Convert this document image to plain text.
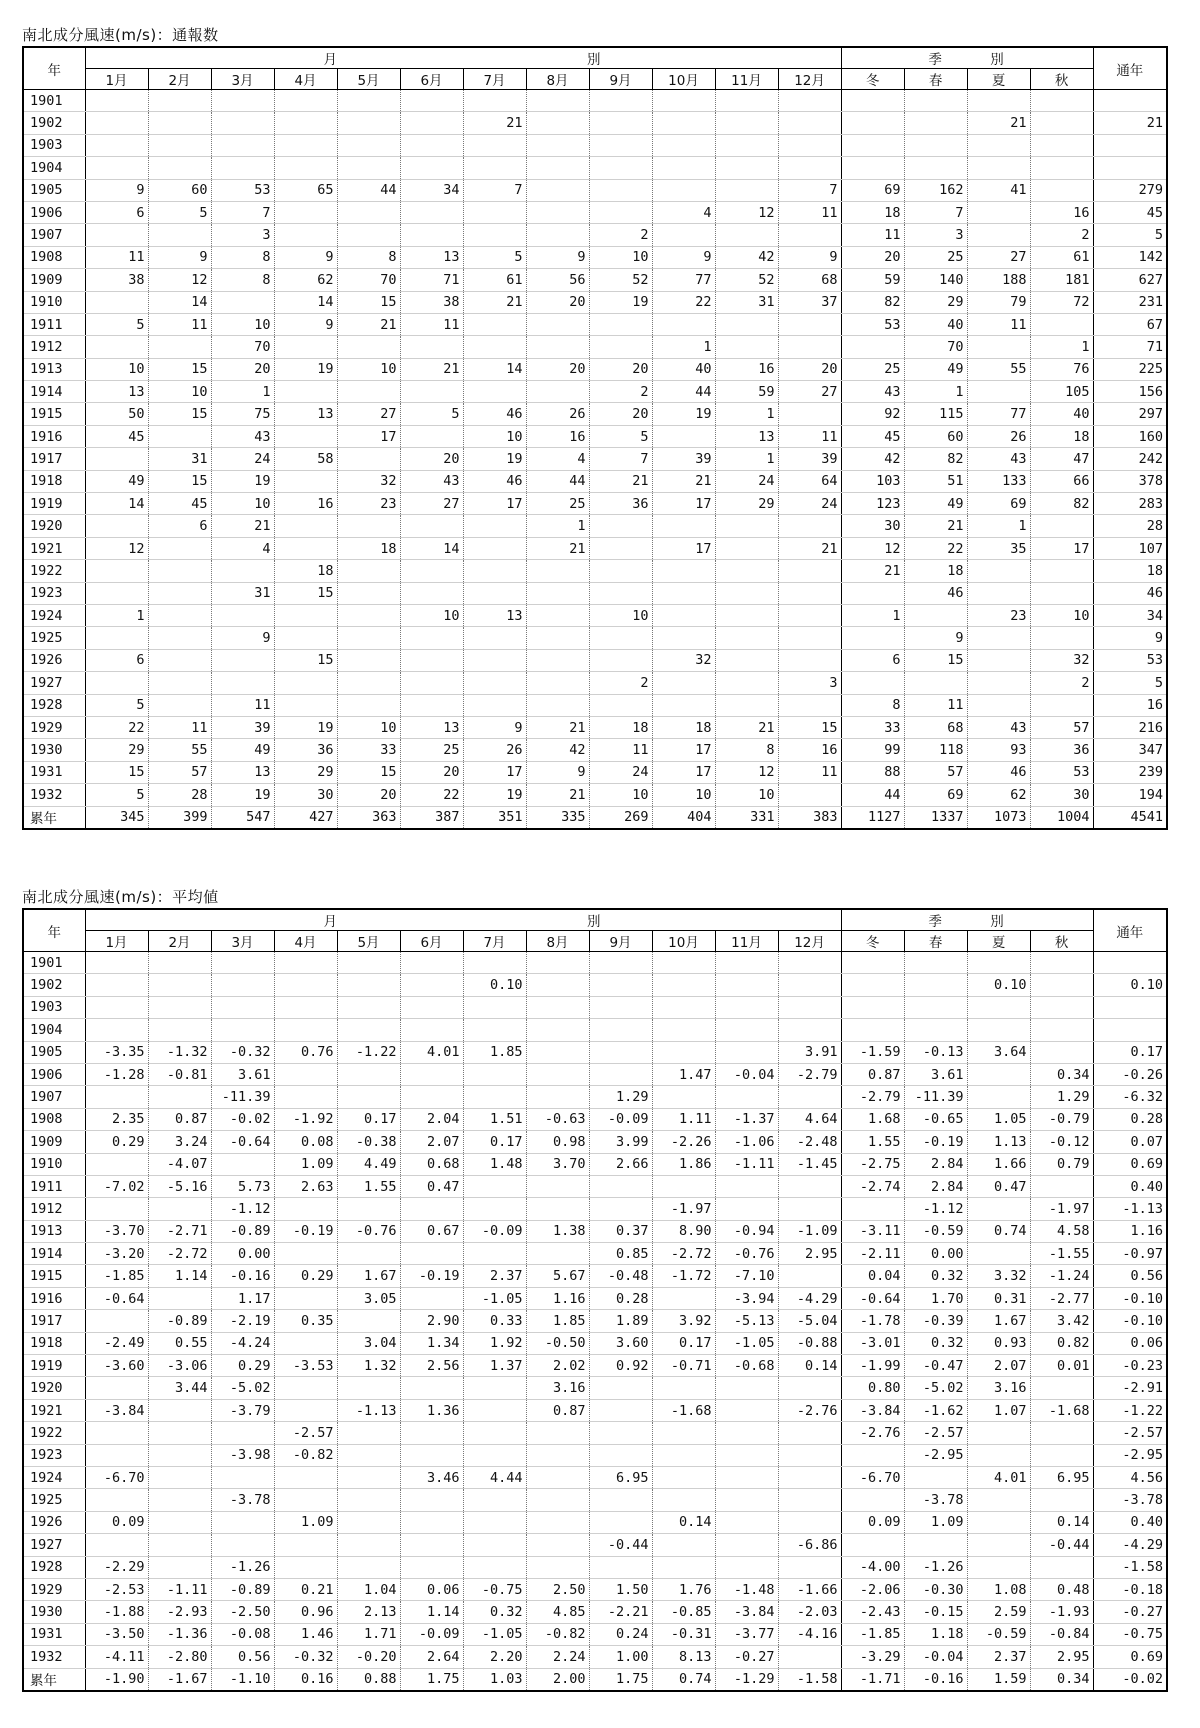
南北成分風速(m/s)：通報数
年	月　　　　　　　　　　　　　　　　別												季　　　別				通年
	1月	2月	3月	4月	5月	6月	7月	8月	9月	10月	11月	12月	冬	春	夏	秋	
1901																	
1902							21								21		21
1903																	
1904																	
1905	9	60	53	65	44	34	7					7	69	162	41		279
1906	6	5	7							4	12	11	18	7		16	45
1907			3						2				11	3		2	5
1908	11	9	8	9	8	13	5	9	10	9	42	9	20	25	27	61	142
1909	38	12	8	62	70	71	61	56	52	77	52	68	59	140	188	181	627
1910		14		14	15	38	21	20	19	22	31	37	82	29	79	72	231
1911	5	11	10	9	21	11							53	40	11		67
1912			70							1				70		1	71
1913	10	15	20	19	10	21	14	20	20	40	16	20	25	49	55	76	225
1914	13	10	1						2	44	59	27	43	1		105	156
1915	50	15	75	13	27	5	46	26	20	19	1		92	115	77	40	297
1916	45		43		17		10	16	5		13	11	45	60	26	18	160
1917		31	24	58		20	19	4	7	39	1	39	42	82	43	47	242
1918	49	15	19		32	43	46	44	21	21	24	64	103	51	133	66	378
1919	14	45	10	16	23	27	17	25	36	17	29	24	123	49	69	82	283
1920		6	21					1					30	21	1		28
1921	12		4		18	14		21		17		21	12	22	35	17	107
1922				18									21	18			18
1923			31	15										46			46
1924	1					10	13		10				1		23	10	34
1925			9											9			9
1926	6			15						32			6	15		32	53
1927									2			3				2	5
1928	5		11										8	11			16
1929	22	11	39	19	10	13	9	21	18	18	21	15	33	68	43	57	216
1930	29	55	49	36	33	25	26	42	11	17	8	16	99	118	93	36	347
1931	15	57	13	29	15	20	17	9	24	17	12	11	88	57	46	53	239
1932	5	28	19	30	20	22	19	21	10	10	10		44	69	62	30	194
累年	345	399	547	427	363	387	351	335	269	404	331	383	1127	1337	1073	1004	4541
南北成分風速(m/s)：平均値
年	月　　　　　　　　　　　　　　　　別												季　　　別				通年
	1月	2月	3月	4月	5月	6月	7月	8月	9月	10月	11月	12月	冬	春	夏	秋	
1901																	
1902							0.10								0.10		0.10
1903																	
1904																	
1905	-3.35	-1.32	-0.32	0.76	-1.22	4.01	1.85					3.91	-1.59	-0.13	3.64		0.17
1906	-1.28	-0.81	3.61							1.47	-0.04	-2.79	0.87	3.61		0.34	-0.26
1907			-11.39						1.29				-2.79	-11.39		1.29	-6.32
1908	2.35	0.87	-0.02	-1.92	0.17	2.04	1.51	-0.63	-0.09	1.11	-1.37	4.64	1.68	-0.65	1.05	-0.79	0.28
1909	0.29	3.24	-0.64	0.08	-0.38	2.07	0.17	0.98	3.99	-2.26	-1.06	-2.48	1.55	-0.19	1.13	-0.12	0.07
1910		-4.07		1.09	4.49	0.68	1.48	3.70	2.66	1.86	-1.11	-1.45	-2.75	2.84	1.66	0.79	0.69
1911	-7.02	-5.16	5.73	2.63	1.55	0.47							-2.74	2.84	0.47		0.40
1912			-1.12							-1.97				-1.12		-1.97	-1.13
1913	-3.70	-2.71	-0.89	-0.19	-0.76	0.67	-0.09	1.38	0.37	8.90	-0.94	-1.09	-3.11	-0.59	0.74	4.58	1.16
1914	-3.20	-2.72	0.00						0.85	-2.72	-0.76	2.95	-2.11	0.00		-1.55	-0.97
1915	-1.85	1.14	-0.16	0.29	1.67	-0.19	2.37	5.67	-0.48	-1.72	-7.10		0.04	0.32	3.32	-1.24	0.56
1916	-0.64		1.17		3.05		-1.05	1.16	0.28		-3.94	-4.29	-0.64	1.70	0.31	-2.77	-0.10
1917		-0.89	-2.19	0.35		2.90	0.33	1.85	1.89	3.92	-5.13	-5.04	-1.78	-0.39	1.67	3.42	-0.10
1918	-2.49	0.55	-4.24		3.04	1.34	1.92	-0.50	3.60	0.17	-1.05	-0.88	-3.01	0.32	0.93	0.82	0.06
1919	-3.60	-3.06	0.29	-3.53	1.32	2.56	1.37	2.02	0.92	-0.71	-0.68	0.14	-1.99	-0.47	2.07	0.01	-0.23
1920		3.44	-5.02					3.16					0.80	-5.02	3.16		-2.91
1921	-3.84		-3.79		-1.13	1.36		0.87		-1.68		-2.76	-3.84	-1.62	1.07	-1.68	-1.22
1922				-2.57									-2.76	-2.57			-2.57
1923			-3.98	-0.82										-2.95			-2.95
1924	-6.70					3.46	4.44		6.95				-6.70		4.01	6.95	4.56
1925			-3.78											-3.78			-3.78
1926	0.09			1.09						0.14			0.09	1.09		0.14	0.40
1927									-0.44			-6.86				-0.44	-4.29
1928	-2.29		-1.26										-4.00	-1.26			-1.58
1929	-2.53	-1.11	-0.89	0.21	1.04	0.06	-0.75	2.50	1.50	1.76	-1.48	-1.66	-2.06	-0.30	1.08	0.48	-0.18
1930	-1.88	-2.93	-2.50	0.96	2.13	1.14	0.32	4.85	-2.21	-0.85	-3.84	-2.03	-2.43	-0.15	2.59	-1.93	-0.27
1931	-3.50	-1.36	-0.08	1.46	1.71	-0.09	-1.05	-0.82	0.24	-0.31	-3.77	-4.16	-1.85	1.18	-0.59	-0.84	-0.75
1932	-4.11	-2.80	0.56	-0.32	-0.20	2.64	2.20	2.24	1.00	8.13	-0.27		-3.29	-0.04	2.37	2.95	0.69
累年	-1.90	-1.67	-1.10	0.16	0.88	1.75	1.03	2.00	1.75	0.74	-1.29	-1.58	-1.71	-0.16	1.59	0.34	-0.02
